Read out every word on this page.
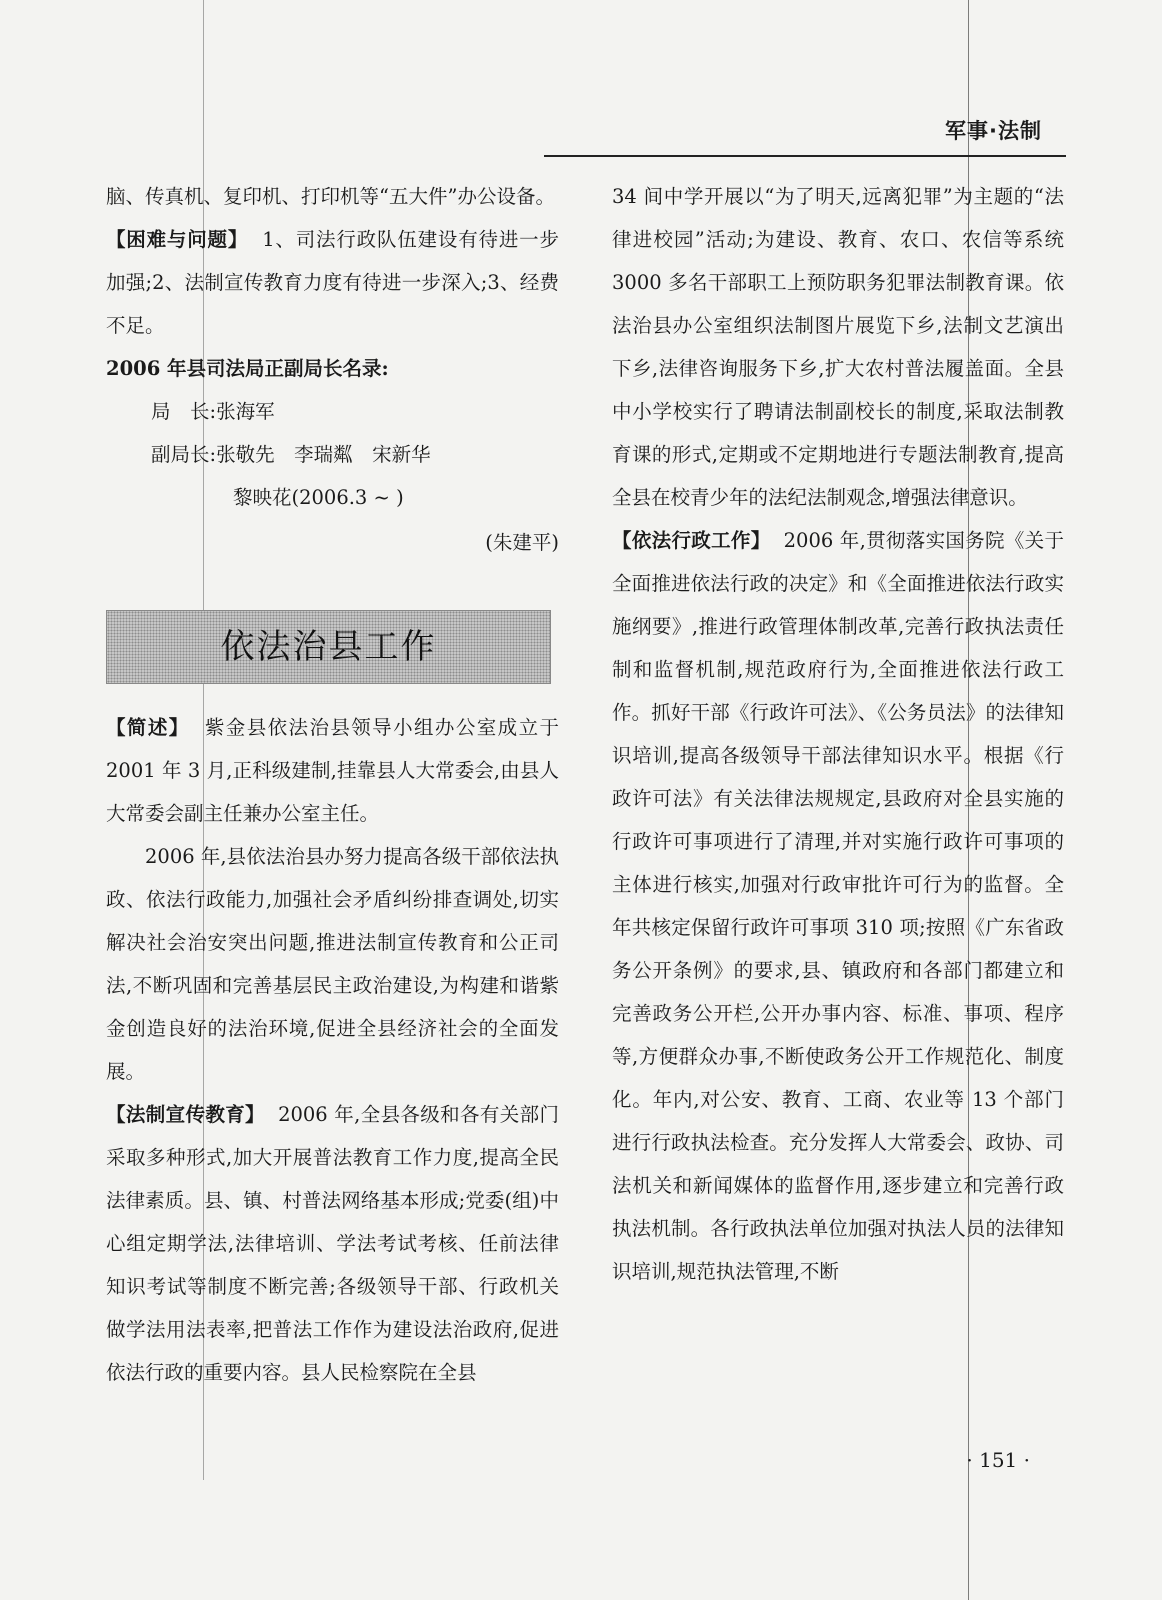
军事·法制

脑、传真机、复印机、打印机等“五大件”办公设备。

【困难与问题】 1、司法行政队伍建设有待进一步加强;2、法制宣传教育力度有待进一步深入;3、经费不足。

2006 年县司法局正副局长名录:

局　长:张海军

副局长:张敬先　李瑞粼　宋新华

黎映花(2006.3 ~ )

(朱建平)

依法治县工作

【简述】 紫金县依法治县领导小组办公室成立于 2001 年 3 月,正科级建制,挂靠县人大常委会,由县人大常委会副主任兼办公室主任。

2006 年,县依法治县办努力提高各级干部依法执政、依法行政能力,加强社会矛盾纠纷排查调处,切实解决社会治安突出问题,推进法制宣传教育和公正司法,不断巩固和完善基层民主政治建设,为构建和谐紫金创造良好的法治环境,促进全县经济社会的全面发展。

【法制宣传教育】 2006 年,全县各级和各有关部门采取多种形式,加大开展普法教育工作力度,提高全民法律素质。县、镇、村普法网络基本形成;党委(组)中心组定期学法,法律培训、学法考试考核、任前法律知识考试等制度不断完善;各级领导干部、行政机关做学法用法表率,把普法工作作为建设法治政府,促进依法行政的重要内容。县人民检察院在全县

34 间中学开展以“为了明天,远离犯罪”为主题的“法律进校园”活动;为建设、教育、农口、农信等系统 3000 多名干部职工上预防职务犯罪法制教育课。依法治县办公室组织法制图片展览下乡,法制文艺演出下乡,法律咨询服务下乡,扩大农村普法履盖面。全县中小学校实行了聘请法制副校长的制度,采取法制教育课的形式,定期或不定期地进行专题法制教育,提高全县在校青少年的法纪法制观念,增强法律意识。

【依法行政工作】 2006 年,贯彻落实国务院《关于全面推进依法行政的决定》和《全面推进依法行政实施纲要》,推进行政管理体制改革,完善行政执法责任制和监督机制,规范政府行为,全面推进依法行政工作。抓好干部《行政许可法》、《公务员法》的法律知识培训,提高各级领导干部法律知识水平。根据《行政许可法》有关法律法规规定,县政府对全县实施的行政许可事项进行了清理,并对实施行政许可事项的主体进行核实,加强对行政审批许可行为的监督。全年共核定保留行政许可事项 310 项;按照《广东省政务公开条例》的要求,县、镇政府和各部门都建立和完善政务公开栏,公开办事内容、标准、事项、程序等,方便群众办事,不断使政务公开工作规范化、制度化。年内,对公安、教育、工商、农业等 13 个部门进行行政执法检查。充分发挥人大常委会、政协、司法机关和新闻媒体的监督作用,逐步建立和完善行政执法机制。各行政执法单位加强对执法人员的法律知识培训,规范执法管理,不断

· 151 ·
